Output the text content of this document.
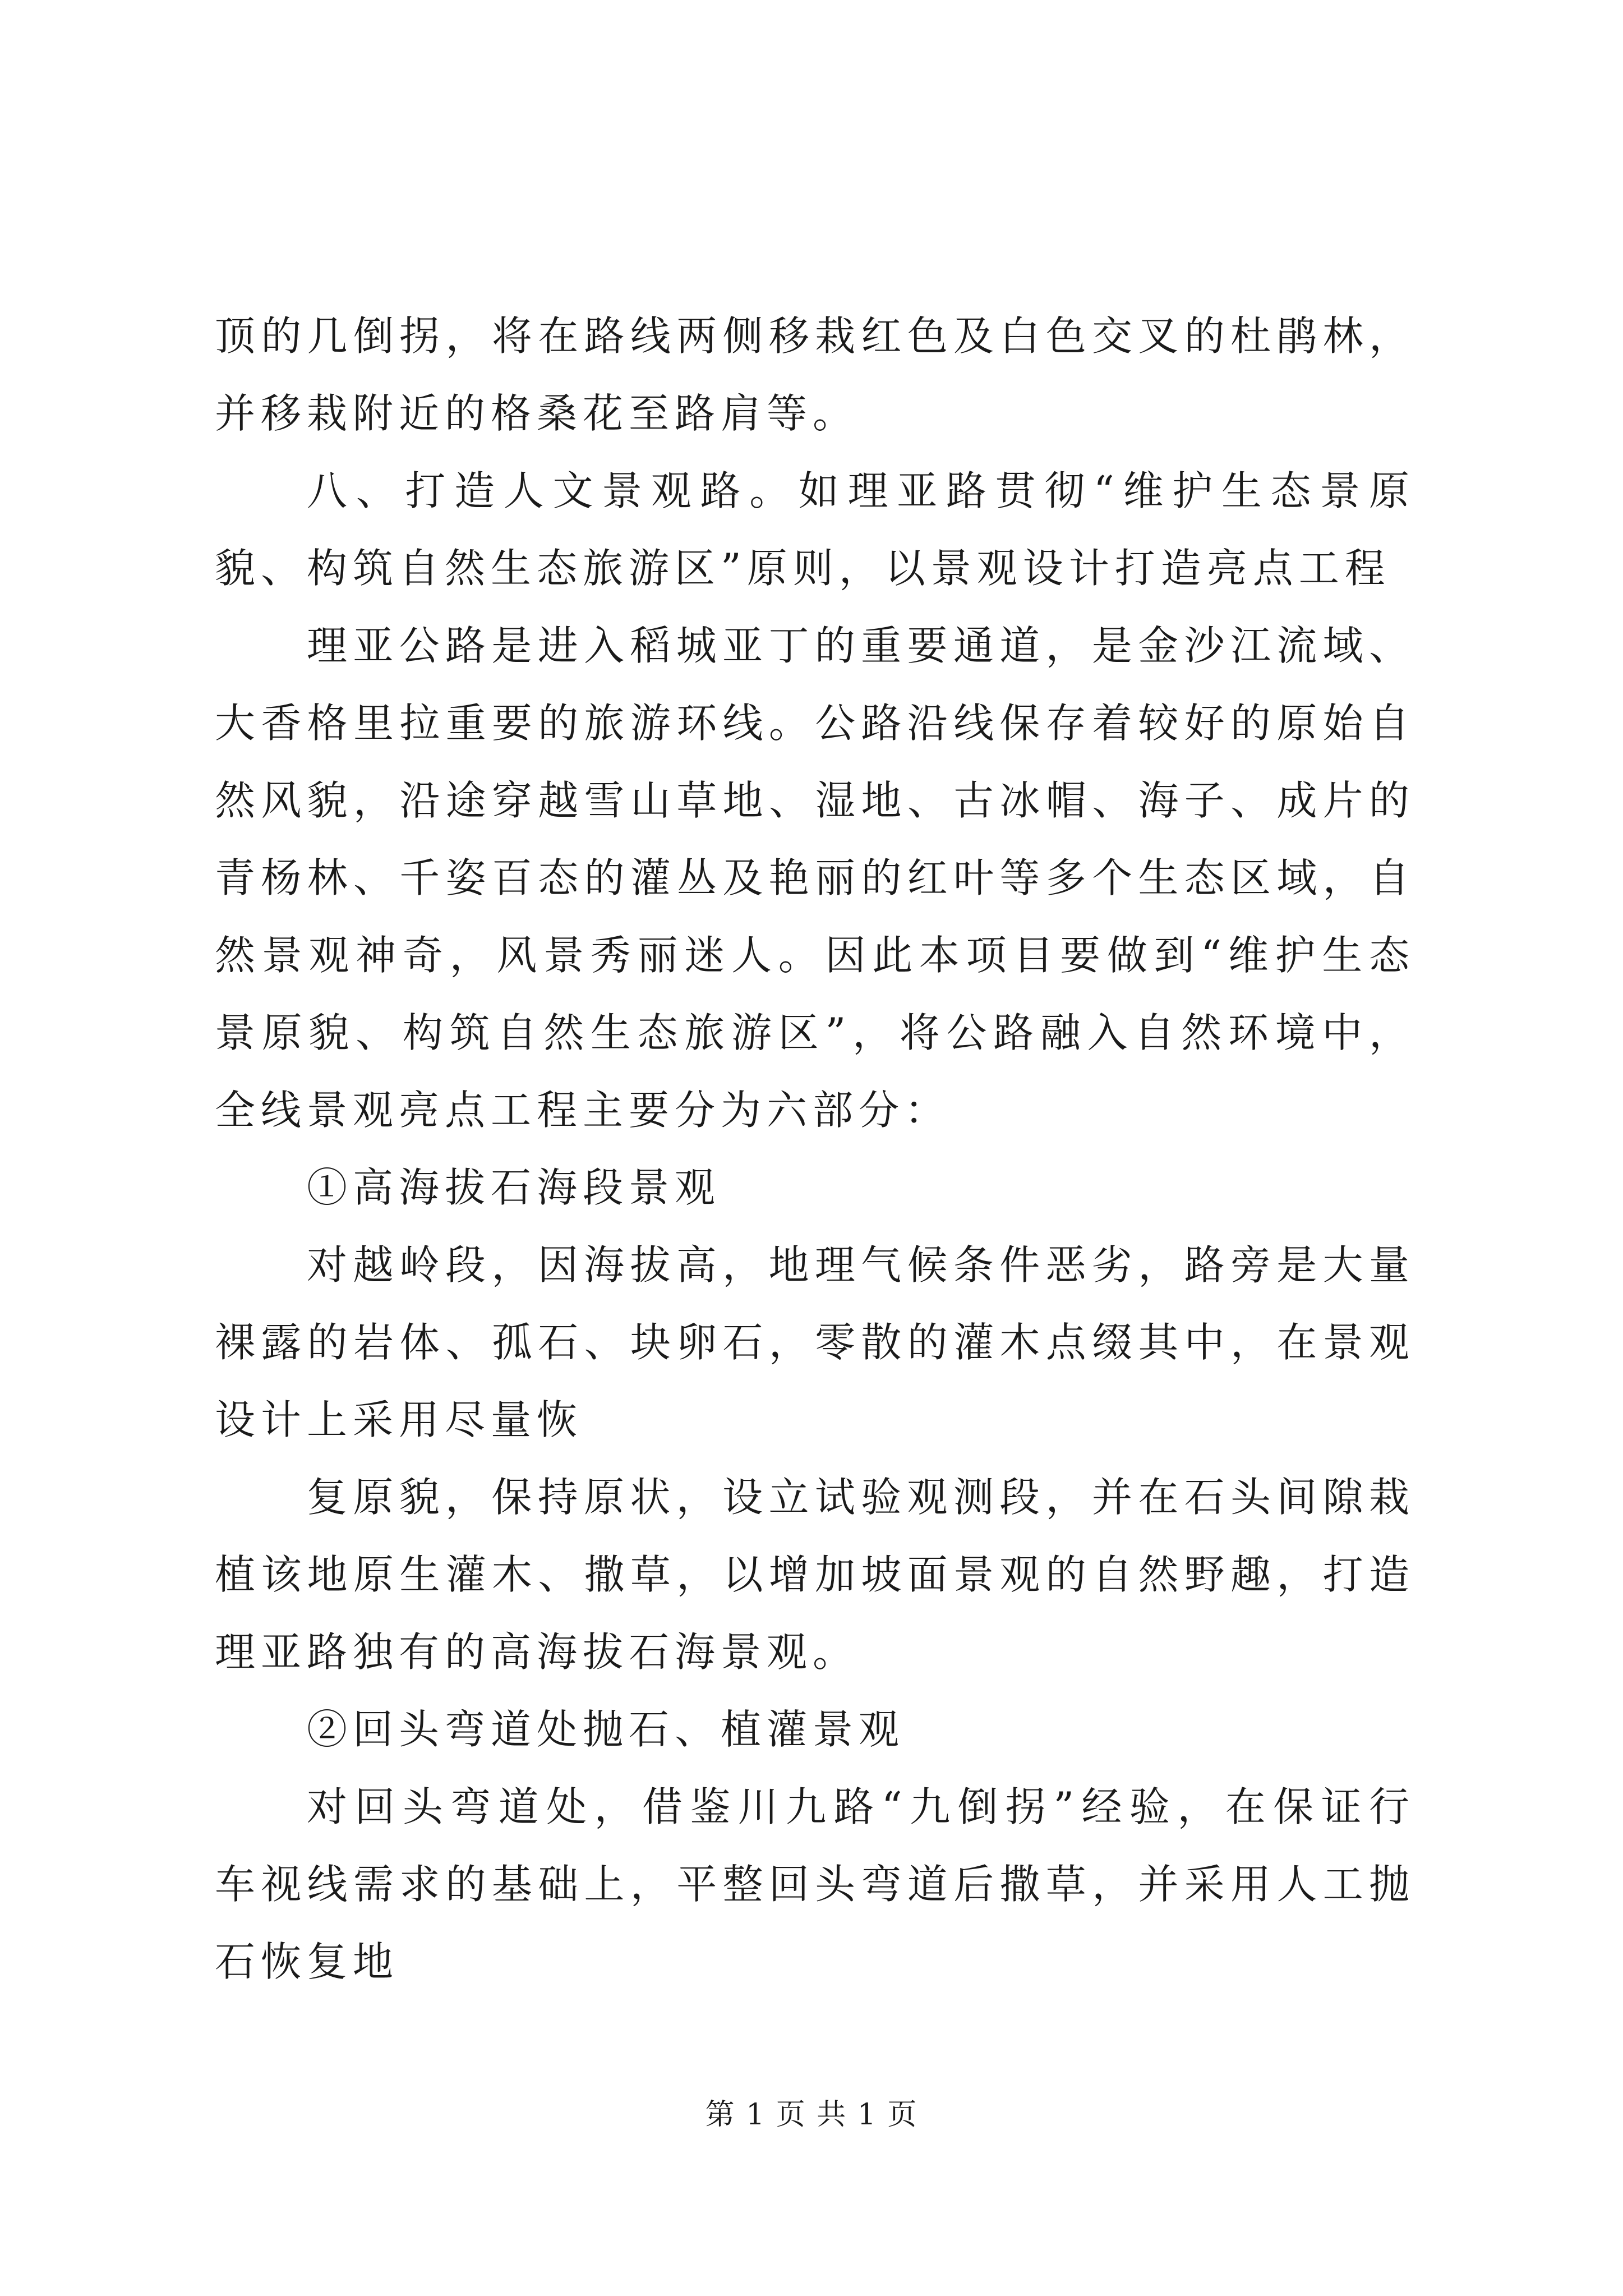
顶的几倒拐，将在路线两侧移栽红色及白色交叉的杜鹃林，并移栽附近的格桑花至路肩等。

八、打造人文景观路。如理亚路贯彻“维护生态景原貌、构筑自然生态旅游区”原则，以景观设计打造亮点工程

理亚公路是进入稻城亚丁的重要通道，是金沙江流域、大香格里拉重要的旅游环线。公路沿线保存着较好的原始自然风貌，沿途穿越雪山草地、湿地、古冰帽、海子、成片的青杨林、千姿百态的灌丛及艳丽的红叶等多个生态区域，自然景观神奇，风景秀丽迷人。因此本项目要做到“维护生态景原貌、构筑自然生态旅游区”，将公路融入自然环境中，全线景观亮点工程主要分为六部分：

①高海拔石海段景观

对越岭段，因海拔高，地理气候条件恶劣，路旁是大量裸露的岩体、孤石、块卵石，零散的灌木点缀其中，在景观设计上采用尽量恢

复原貌，保持原状，设立试验观测段，并在石头间隙栽植该地原生灌木、撒草，以增加坡面景观的自然野趣，打造理亚路独有的高海拔石海景观。

②回头弯道处抛石、植灌景观

对回头弯道处，借鉴川九路“九倒拐”经验，在保证行车视线需求的基础上，平整回头弯道后撒草，并采用人工抛石恢复地

第 1 页 共 1 页
